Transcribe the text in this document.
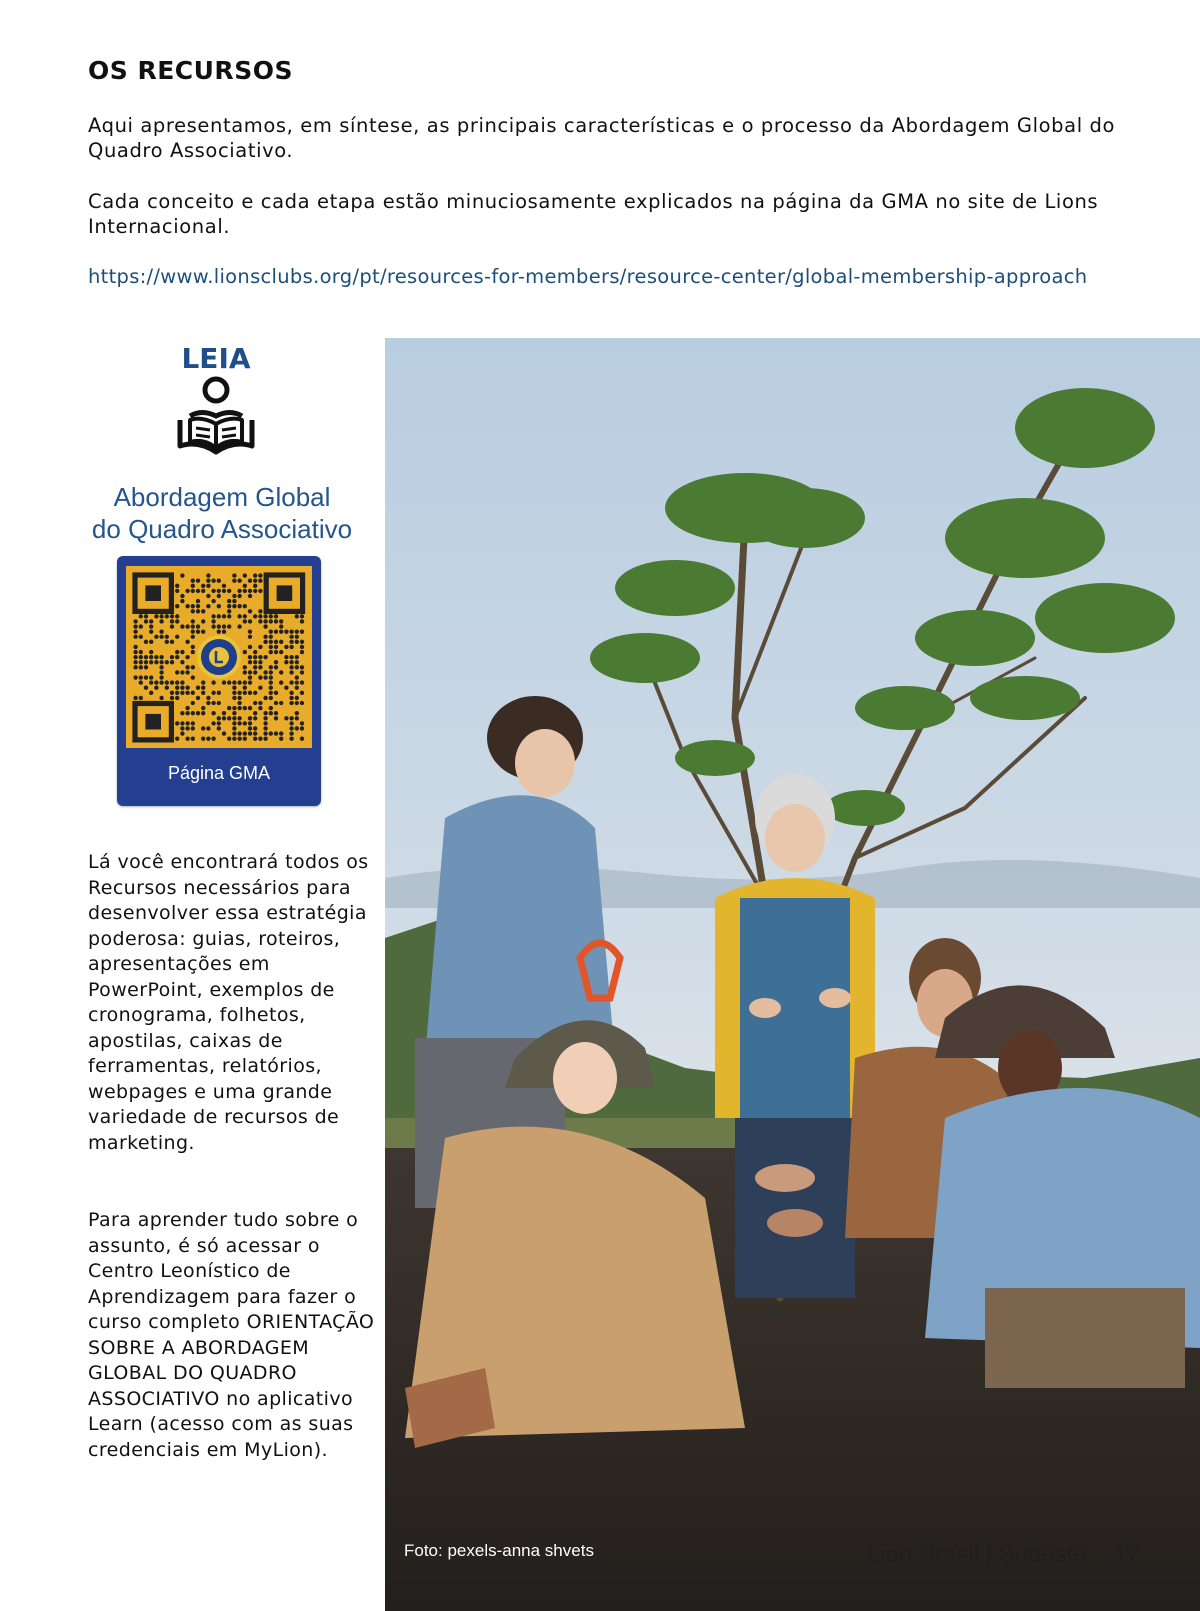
OS RECURSOS

Aqui apresentamos, em síntese, as principais características e o processo da Abordagem Global do Quadro Associativo.

Cada conceito e cada etapa estão minuciosamente explicados na página da GMA no site de Lions Internacional.

https://www.lionsclubs.org/pt/resources-for-members/resource-center/global-membership-approach
LEIA
Abordagem Global
do Quadro Associativo
Página GMA

Lá você encontrará todos os Recursos necessários para desenvolver essa estratégia poderosa: guias, roteiros, apresentações em PowerPoint, exemplos de cronograma, folhetos, apostilas, caixas de ferramentas, relatórios, webpages e uma grande variedade de recursos de marketing.

Para aprender tudo sobre o assunto, é só acessar o Centro Leonístico de Aprendizagem para fazer o curso completo ORIENTAÇÃO SOBRE A ABORDAGEM GLOBAL DO QUADRO ASSOCIATIVO no aplicativo Learn (acesso com as suas credenciais em MyLion).

Foto: pexels-anna shvets	Lion Brasil | Sudeste    17
